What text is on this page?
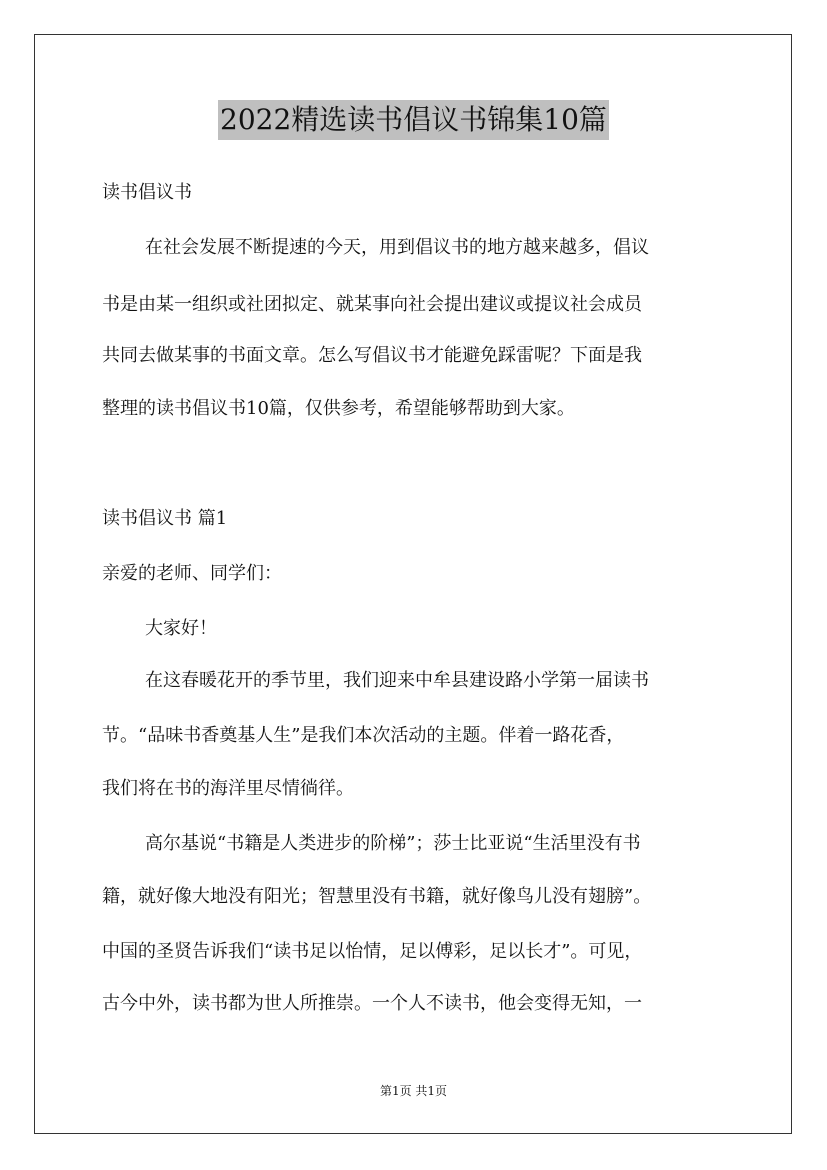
2022精选读书倡议书锦集10篇
读书倡议书
在社会发展不断提速的今天，用到倡议书的地方越来越多，倡议
书是由某一组织或社团拟定、就某事向社会提出建议或提议社会成员
共同去做某事的书面文章。怎么写倡议书才能避免踩雷呢？下面是我
整理的读书倡议书10篇，仅供参考，希望能够帮助到大家。
读书倡议书 篇1
亲爱的老师、同学们：
大家好！
在这春暖花开的季节里，我们迎来中牟县建设路小学第一届读书
节。“品味书香奠基人生”是我们本次活动的主题。伴着一路花香，
我们将在书的海洋里尽情徜徉。
高尔基说“书籍是人类进步的阶梯”；莎士比亚说“生活里没有书
籍，就好像大地没有阳光；智慧里没有书籍，就好像鸟儿没有翅膀”。
中国的圣贤告诉我们“读书足以怡情，足以傅彩，足以长才”。可见，
古今中外，读书都为世人所推崇。一个人不读书，他会变得无知，一
第1页 共1页
